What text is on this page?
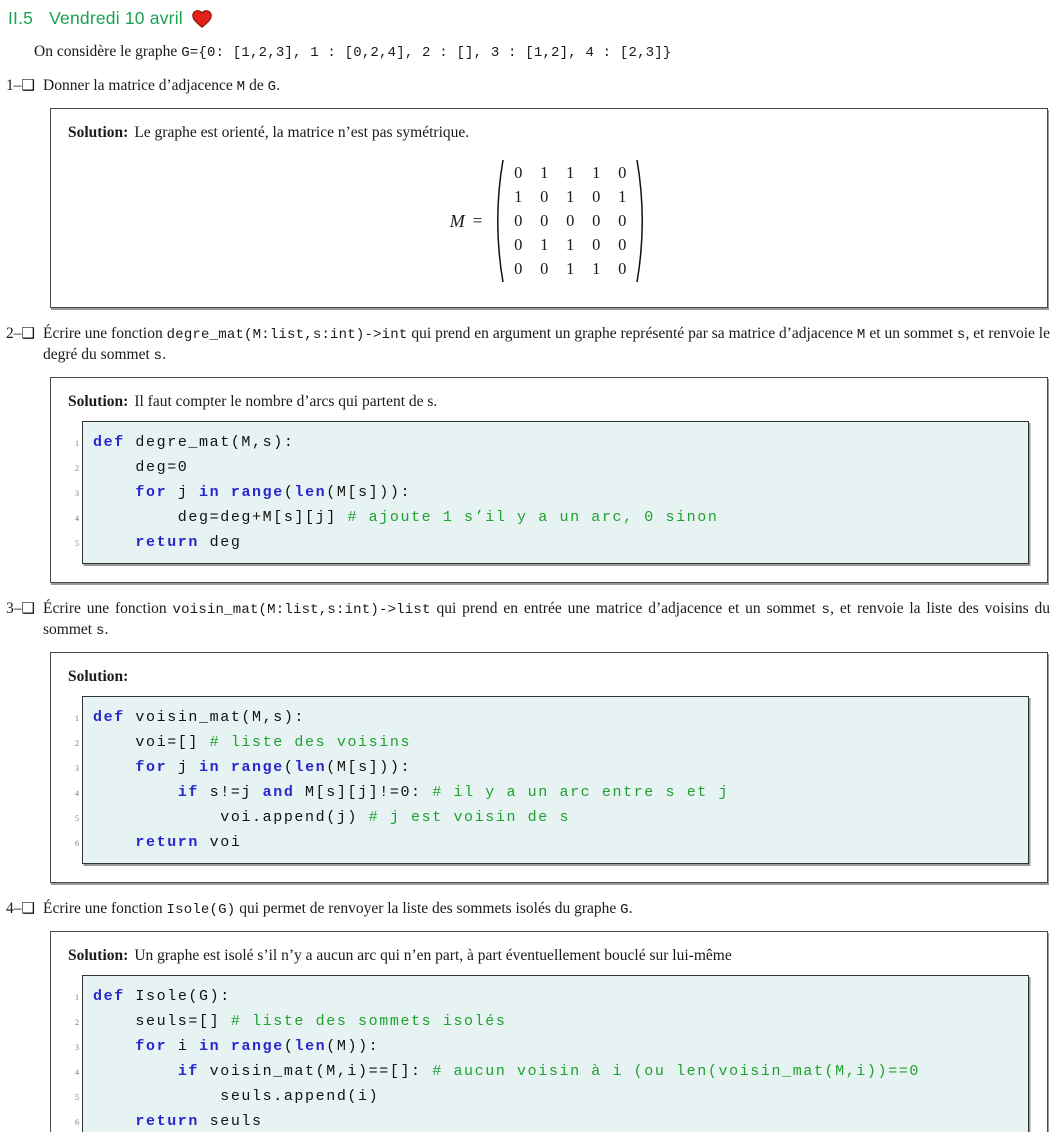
II.5 Vendredi 10 avril

On considère le graphe G={0: [1,2,3], 1 : [0,2,4], 2 : [], 3 : [1,2], 4 : [2,3]}

1–❑ Donner la matrice d’adjacence M de G.

Solution: Le graphe est orienté, la matrice n’est pas symétrique.

M =
0	1	1	1	0
1	0	1	0	1
0	0	0	0	0
0	1	1	0	0
0	0	1	1	0
2–❑ Écrire une fonction degre_mat(M:list,s:int)->int qui prend en argument un graphe représenté par sa matrice d’adjacence M et un sommet s, et renvoie le degré du sommet s.

Solution: Il faut compter le nombre d’arcs qui partent de s.

1
2
3
4
5
def degre_mat(M,s):
deg=0
for j in range(len(M[s])):
deg=deg+M[s][j] # ajoute 1 s’il y a un arc, 0 sinon
return deg
3–❑ Écrire une fonction voisin_mat(M:list,s:int)->list qui prend en entrée une matrice d’adjacence et un sommet s, et renvoie la liste des voisins du sommet s.

Solution:

1
2
3
4
5
6
def voisin_mat(M,s):
voi=[] # liste des voisins
for j in range(len(M[s])):
if s!=j and M[s][j]!=0: # il y a un arc entre s et j
voi.append(j) # j est voisin de s
return voi
4–❑ Écrire une fonction Isole(G) qui permet de renvoyer la liste des sommets isolés du graphe G.

Solution: Un graphe est isolé s’il n’y a aucun arc qui n’en part, à part éventuellement bouclé sur lui-même

1
2
3
4
5
6
def Isole(G):
seuls=[] # liste des sommets isolés
for i in range(len(M)):
if voisin_mat(M,i)==[]: # aucun voisin à i (ou len(voisin_mat(M,i))==0
seuls.append(i)
return seuls
